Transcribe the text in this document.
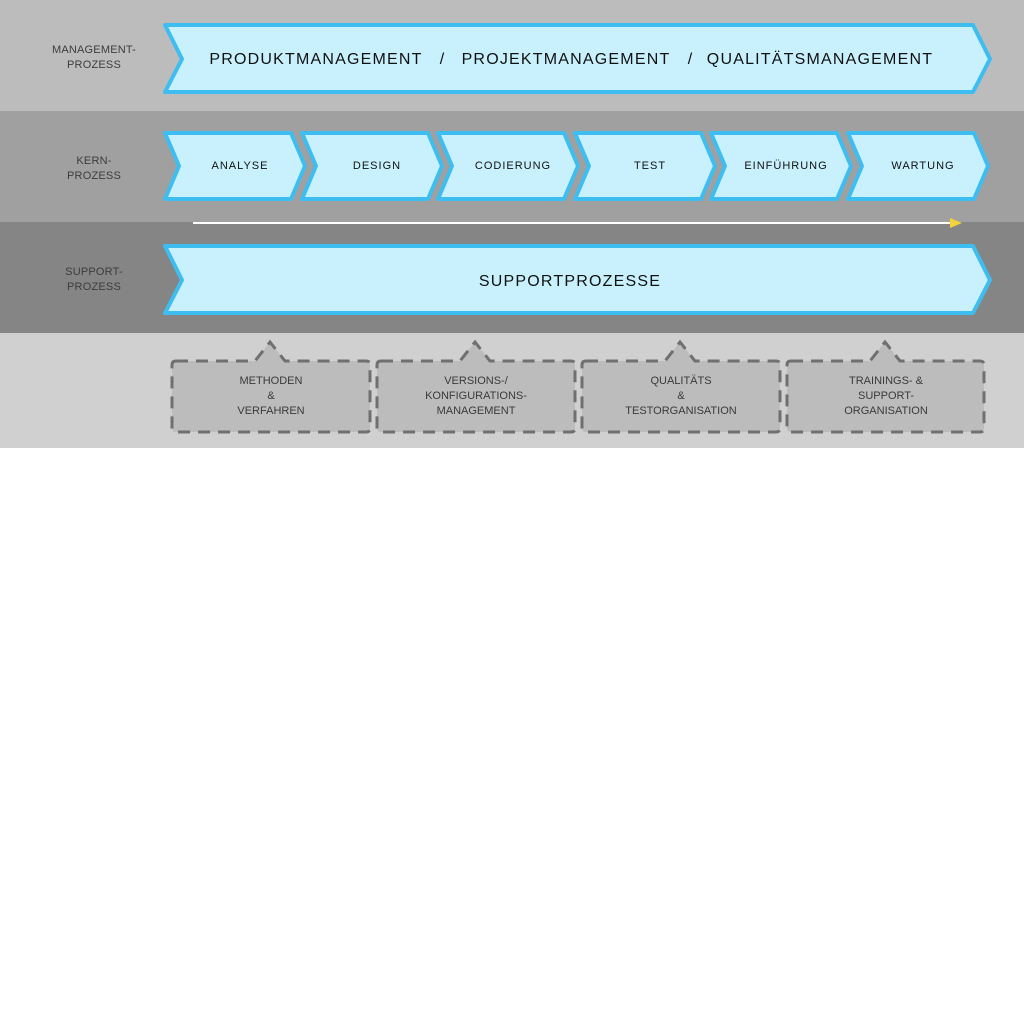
MANAGEMENT-
PROZESS
KERN-
PROZESS
SUPPORT-
PROZESS
PRODUKTMANAGEMENT / PROJEKTMANAGEMENT / QUALITÄTSMANAGEMENT
ANALYSE	DESIGN	CODIERUNG	TEST	EINFÜHRUNG	WARTUNG
SUPPORTPROZESSE
METHODEN
&
VERFAHREN
VERSIONS-/
KONFIGURATIONS-
MANAGEMENT
QUALITÄTS
&
TESTORGANISATION
TRAININGS- &
SUPPORT-
ORGANISATION
